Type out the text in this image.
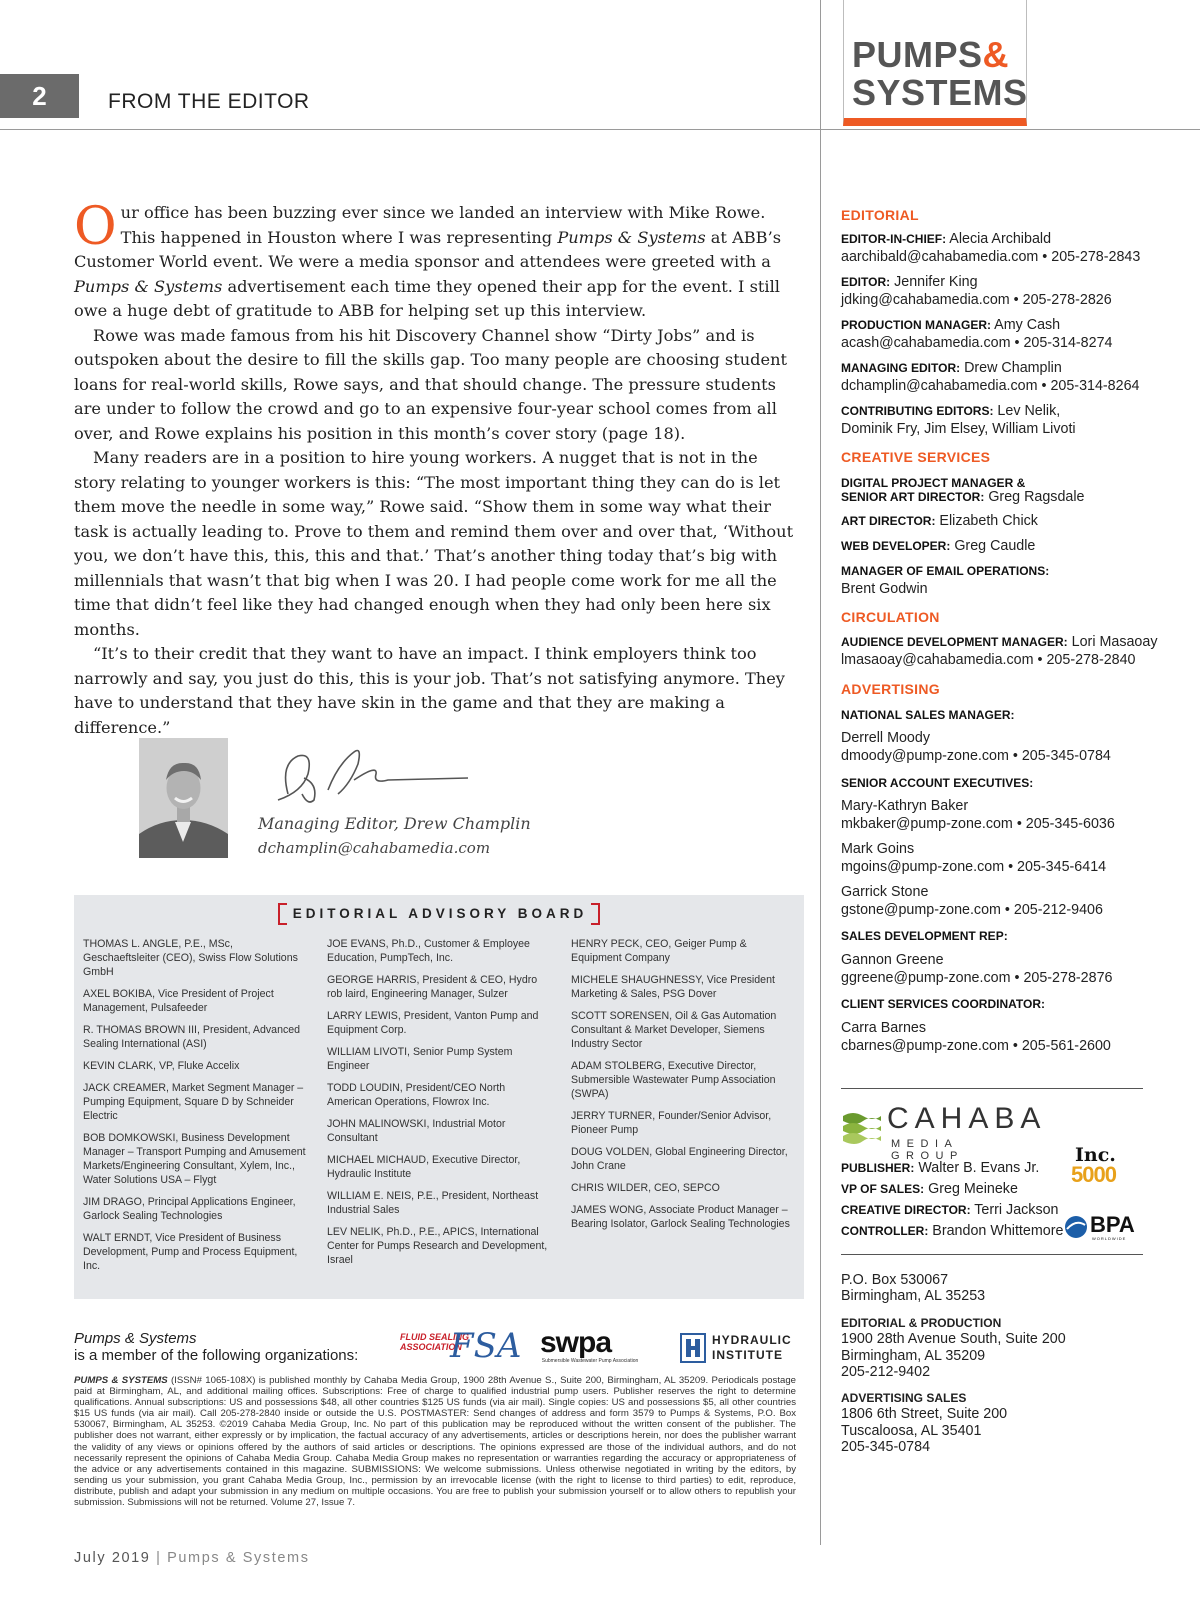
2	FROM THE EDITOR
PUMPS&
SYSTEMS

Our office has been buzzing ever since we landed an interview with Mike Rowe. This happened in Houston where I was representing Pumps & Systems at ABB’s Customer World event. We were a media sponsor and attendees were greeted with a Pumps & Systems advertisement each time they opened their app for the event. I still owe a huge debt of gratitude to ABB for helping set up this interview.

Rowe was made famous from his hit Discovery Channel show “Dirty Jobs” and is outspoken about the desire to fill the skills gap. Too many people are choosing student loans for real-world skills, Rowe says, and that should change. The pressure students are under to follow the crowd and go to an expensive four-year school comes from all over, and Rowe explains his position in this month’s cover story (page 18).

Many readers are in a position to hire young workers. A nugget that is not in the story relating to younger workers is this: “The most important thing they can do is let them move the needle in some way,” Rowe said. “Show them in some way what their task is actually leading to. Prove to them and remind them over and over that, ‘Without you, we don’t have this, this, this and that.’ That’s another thing today that’s big with millennials that wasn’t that big when I was 20. I had people come work for me all the time that didn’t feel like they had changed enough when they had only been here six months.

“It’s to their credit that they want to have an impact. I think employers think too narrowly and say, you just do this, this is your job. That’s not satisfying anymore. They have to understand that they have skin in the game and that they are making a difference.”

Managing Editor, Drew Champlin
dchamplin@cahabamedia.com
EDITORIAL ADVISORY BOARD
THOMAS L. ANGLE, P.E., MSc, Geschaeftsleiter (CEO), Swiss Flow Solutions GmbH
AXEL BOKIBA, Vice President of Project Management, Pulsafeeder
R. THOMAS BROWN III, President, Advanced Sealing International (ASI)
KEVIN CLARK, VP, Fluke Accelix
JACK CREAMER, Market Segment Manager – Pumping Equipment, Square D by Schneider Electric
BOB DOMKOWSKI, Business Development Manager – Transport Pumping and Amusement Markets/Engineering Consultant, Xylem, Inc., Water Solutions USA – Flygt
JIM DRAGO, Principal Applications Engineer, Garlock Sealing Technologies
WALT ERNDT, Vice President of Business Development, Pump and Process Equipment, Inc.
JOE EVANS, Ph.D., Customer & Employee Education, PumpTech, Inc.
GEORGE HARRIS, President & CEO, Hydro rob laird, Engineering Manager, Sulzer
LARRY LEWIS, President, Vanton Pump and Equipment Corp.
WILLIAM LIVOTI, Senior Pump System Engineer
TODD LOUDIN, President/CEO North American Operations, Flowrox Inc.
JOHN MALINOWSKI, Industrial Motor Consultant
MICHAEL MICHAUD, Executive Director, Hydraulic Institute
WILLIAM E. NEIS, P.E., President, Northeast Industrial Sales
LEV NELIK, Ph.D., P.E., APICS, International Center for Pumps Research and Development, Israel
HENRY PECK, CEO, Geiger Pump & Equipment Company
MICHELE SHAUGHNESSY, Vice President Marketing & Sales, PSG Dover
SCOTT SORENSEN, Oil & Gas Automation Consultant & Market Developer, Siemens Industry Sector
ADAM STOLBERG, Executive Director, Submersible Wastewater Pump Association (SWPA)
JERRY TURNER, Founder/Senior Advisor, Pioneer Pump
DOUG VOLDEN, Global Engineering Director, John Crane
CHRIS WILDER, CEO, SEPCO
JAMES WONG, Associate Product Manager – Bearing Isolator, Garlock Sealing Technologies
Pumps & Systems
is a member of the following organizations:
FLUID SEALING
ASSOCIATION
FSA swpa
Submersible Wastewater Pump Association
HYDRAULIC
INSTITUTE
PUMPS & SYSTEMS (ISSN# 1065-108X) is published monthly by Cahaba Media Group, 1900 28th Avenue S., Suite 200, Birmingham, AL 35209. Periodicals postage paid at Birmingham, AL, and additional mailing offices. Subscriptions: Free of charge to qualified industrial pump users. Publisher reserves the right to determine qualifications. Annual subscriptions: US and possessions $48, all other countries $125 US funds (via air mail). Single copies: US and possessions $5, all other countries $15 US funds (via air mail). Call 205-278-2840 inside or outside the U.S. POSTMASTER: Send changes of address and form 3579 to Pumps & Systems, P.O. Box 530067, Birmingham, AL 35253. ©2019 Cahaba Media Group, Inc. No part of this publication may be reproduced without the written consent of the publisher. The publisher does not warrant, either expressly or by implication, the factual accuracy of any advertisements, articles or descriptions herein, nor does the publisher warrant the validity of any views or opinions offered by the authors of said articles or descriptions. The opinions expressed are those of the individual authors, and do not necessarily represent the opinions of Cahaba Media Group. Cahaba Media Group makes no representation or warranties regarding the accuracy or appropriateness of the advice or any advertisements contained in this magazine. SUBMISSIONS: We welcome submissions. Unless otherwise negotiated in writing by the editors, by sending us your submission, you grant Cahaba Media Group, Inc., permission by an irrevocable license (with the right to license to third parties) to edit, reproduce, distribute, publish and adapt your submission in any medium on multiple occasions. You are free to publish your submission yourself or to allow others to republish your submission. Submissions will not be returned. Volume 27, Issue 7.
July 2019 | Pumps & Systems
EDITORIAL
EDITOR-IN-CHIEF: Alecia Archibald
aarchibald@cahabamedia.com • 205-278-2843
EDITOR: Jennifer King
jdking@cahabamedia.com • 205-278-2826
PRODUCTION MANAGER: Amy Cash
acash@cahabamedia.com • 205-314-8274
MANAGING EDITOR: Drew Champlin
dchamplin@cahabamedia.com • 205-314-8264
CONTRIBUTING EDITORS: Lev Nelik,
Dominik Fry, Jim Elsey, William Livoti
CREATIVE SERVICES
DIGITAL PROJECT MANAGER &
SENIOR ART DIRECTOR: Greg Ragsdale
ART DIRECTOR: Elizabeth Chick
WEB DEVELOPER: Greg Caudle
MANAGER OF EMAIL OPERATIONS:
Brent Godwin
CIRCULATION
AUDIENCE DEVELOPMENT MANAGER: Lori Masaoay
lmasaoay@cahabamedia.com • 205-278-2840
ADVERTISING
NATIONAL SALES MANAGER:
Derrell Moody
dmoody@pump-zone.com • 205-345-0784
SENIOR ACCOUNT EXECUTIVES:
Mary-Kathryn Baker
mkbaker@pump-zone.com • 205-345-6036
Mark Goins
mgoins@pump-zone.com • 205-345-6414
Garrick Stone
gstone@pump-zone.com • 205-212-9406
SALES DEVELOPMENT REP:
Gannon Greene
ggreene@pump-zone.com • 205-278-2876
CLIENT SERVICES COORDINATOR:
Carra Barnes
cbarnes@pump-zone.com • 205-561-2600
CAHABA
MEDIA GROUP
PUBLISHER: Walter B. Evans Jr.
VP OF SALES: Greg Meineke
CREATIVE DIRECTOR: Terri Jackson
CONTROLLER: Brandon Whittemore
Inc.
5000
BPA
WORLDWIDE
P.O. Box 530067
Birmingham, AL 35253
EDITORIAL & PRODUCTION
1900 28th Avenue South, Suite 200
Birmingham, AL 35209
205-212-9402
ADVERTISING SALES
1806 6th Street, Suite 200
Tuscaloosa, AL 35401
205-345-0784
